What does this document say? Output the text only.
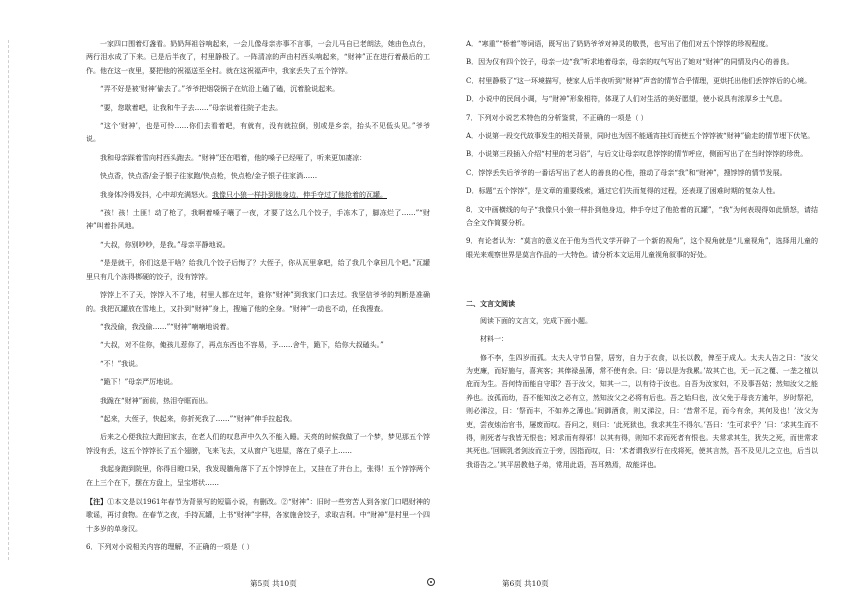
一家四口围着灯盏看。奶奶拜祖谷响起来，一会儿像母亲亦事不言事，一会儿马自已老朗法，她由色点台，两行泪水成了下来。已是后半夜了，村里静极了。一阵清凉的声由村西头响起来，“财神”正在进行着最后的工作。他在这一夜里，要把他的祝福送至全村。就在这祝福声中，我家丢失了五个饽饽。

“弄不好是被‘财神’偷去了。”爷爷把烟袋锅子在炕沿上磕了磕，沉着脸说起来。

“要，您歇着吧，让我和牛子去……”母亲说着往院子走去。

“这个‘财神’，也是可怜……你们去看着吧，有就有，没有就拉倒，别或是乡亲，抬头不见低头见。”爷爷说。

我和母亲踩着雪向村西头跑去。“财神”还在唱着，他的嗓子已经哑了，听来更加凄凉：

快点香，快点香/金子银子往家跑/快点枪，快点枪/金子银子往家淌……

我身体冷得发抖，心中却充满怒火。我像只小狼一样扑到他身边，伸手夺过了他抢着的瓦罐。

“孩！孩！土匪！动了枪了，我啊着嗓子嚷了一夜，才要了这么几个饺子，手冻木了，脚冻烂了……”“财神”叫着扑风地。

“大叔，你别吵吵，是我。”母亲平静地说。

“是是就干，你们这是干啥？给我几个饺子后悔了？大侄子，你从瓦里拿吧，给了我几个拿回几个吧。”瓦罐里只有几个冻得梆硬的饺子，没有饽饽。

饽饽上不了天，饽饽入不了地，村里人都在过年，谁你“财神”到我家门口去过。我坚信爷爷的判断是准确的。我把瓦罐放在雪地上，又扑到“财神”身上，搜遍了他的全身。“财神”一动也不动，任我搜查。

“我没偷，我没偷……”“财神”喃喃地说着。

“大叔，对不住你，俺孩儿惹你了，再点东西也不容易，予……舍牛，跪下，给你大叔磕头。”

“不！”我说。

“跪下！”母亲严厉地说。

我跪在“财神”面前，热泪夺眶而出。

“起来，大侄子，快起来，你折死我了……”“财神”伸手拉起我。

后来之心便我拉大跑回家去，在老人们的叹息声中久久不能入睡。天亮的时候我做了一个梦，梦见那五个饽饽没有丢，这五个饽饽长了五个翅膀，飞来飞去，又从窗户飞进屋，落在了桌子上……

我起身跑到院里，你得目瞪口呆，我发现牆角落下了五个饽饽在上，又挂在了井台上，张得！五个饽饽两个在上三个在下，摆在方盘上，呈宝塔状……

【注】①本文是以1961年春节为背景写的短篇小说，有删改。②“财神”：旧时一些穷苦人到各家门口唱财神的歌谣，再讨食物。在春节之夜，手持瓦罐，上书“财神”字样，各家施舍饺子，求取吉利。中“财神”是村里一个四十多岁的单身汉。

6．下列对小说相关内容的理解，不正确的一项是（ ）

A．“寒重”“桥着”等词语，既写出了奶奶爷爷对神灵的敬畏，也写出了他们对五个饽饽的珍视程度。

B．因为仅有四个饺子，母亲一边“我”听求地着母亲，母亲的叹气写出了她对“财神”的同情及内心的善良。

C．村里静极了“这一环境描写，使家人后半夜听到“财神”声音的情节合乎情理，更烘托出他们丢饽饽后的心境。

D．小说中的民间小调，与“财神”形象相符，体现了人们对生活的美好愿望，使小说具有浓厚乡土气息。

7．下列对小说艺术特色的分析鉴赏，不正确的一项是（ ）

A．小说第一段交代故事发生的相关背景，同时也为因不能通宵挂灯而使五个饽饽被“财神”偷走的情节埋下伏笔。

B．小说第三段插入介绍“村里的老习俗”，与后文让母亲叹息饽饽的情节呼应，侧面写出了在当时饽饽的珍贵。

C．饽饽丢失后爷爷的一番话写出了老人的善良的心性，推动了母亲“我”和“财神”，搜饽饽的情节发展。

D．标题“五个饽饽”，是文章的重要线索，通过它们失而复得的过程，还表现了困难时期的复杂人性。

8．文中画横线的句子“我像只小狼一样扑到他身边，伸手夺过了他抢着的瓦罐”，“我”为何表现得如此愤怒，请结合全文作简要分析。

9．有论者认为：“莫言的意义在于他为当代文学开辟了一个新的视角”，这个视角就是“儿童视角”，选择用儿童的眼光来观察世界是莫言作品的一大特色。请分析本文运用儿童视角叙事的好处。

二、文言文阅读

阅读下面的文言文，完成下面小题。

材料一：

修不李，生四岁而孤。太夫人守节自誓，居穷，自力于衣食，以长以教，俾至于成人。太夫人告之曰：“汝父为吏廉，而好施与，喜宾客；其俸禄虽薄，常不使有余。曰：‘毋以是为我累。’故其亡也，无一瓦之覆、一垄之植以庇而为生。吾何恃而能自守耶？吾于汝父，知其一二，以有待于汝也。自吾为汝家妇，不及事吾姑；然知汝父之能养也。汝孤而幼，吾不能知汝之必有立，然知汝父之必将有后也。吾之始归也，汝父免于母丧方逾年，岁时祭祀，则必涕泣，曰：‘祭而丰，不如养之薄也。’间御酒食，则又涕泣，曰：‘昔常不足，而今有余，其何及也！’汝父为吏，尝夜烛治官书，屡废而叹。吾问之，则曰：‘此死狱也，我求其生不得尔。’吾曰：‘生可求乎？’曰：‘求其生而不得，则死者与我皆无恨也；矧求而有得邪！以其有得，则知不求而死者有恨也。夫常求其生，犹失之死，而世常求其死也。’回顾乳者剑汝而立于旁，因指而叹，曰：‘术者谓我岁行在戌将死，使其言然，吾不及见儿之立也，后当以我语告之。’其平居教他子弟，常用此语，吾耳熟焉，故能详也。

第5页 共10页	第6页 共10页
